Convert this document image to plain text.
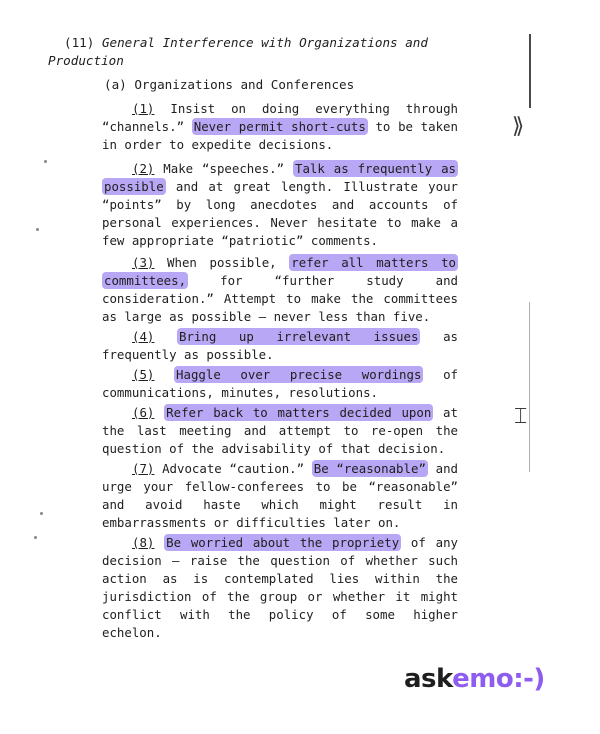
⟫
⌶
(11) General Interference with Organizations and Production
(a) Organizations and Conferences
(1) Insist on doing everything through “channels.” Never permit short-cuts to be taken in order to expedite decisions.
(2) Make “speeches.” Talk as frequently as possible and at great length. Illustrate your “points” by long anecdotes and accounts of personal experiences. Never hesitate to make a few appropriate “patriotic” comments.
(3) When possible, refer all matters to committees, for “further study and consideration.” Attempt to make the committees as large as possible — never less than five.
(4) Bring up irrelevant issues as frequently as possible.
(5) Haggle over precise wordings of communications, minutes, resolutions.
(6) Refer back to matters decided upon at the last meeting and attempt to re-open the question of the advisability of that decision.
(7) Advocate “caution.” Be “reasonable” and urge your fellow-conferees to be “reasonable” and avoid haste which might result in embarrassments or difficulties later on.
(8) Be worried about the propriety of any decision — raise the question of whether such action as is contemplated lies within the jurisdiction of the group or whether it might conflict with the policy of some higher echelon.
askemo:-)
